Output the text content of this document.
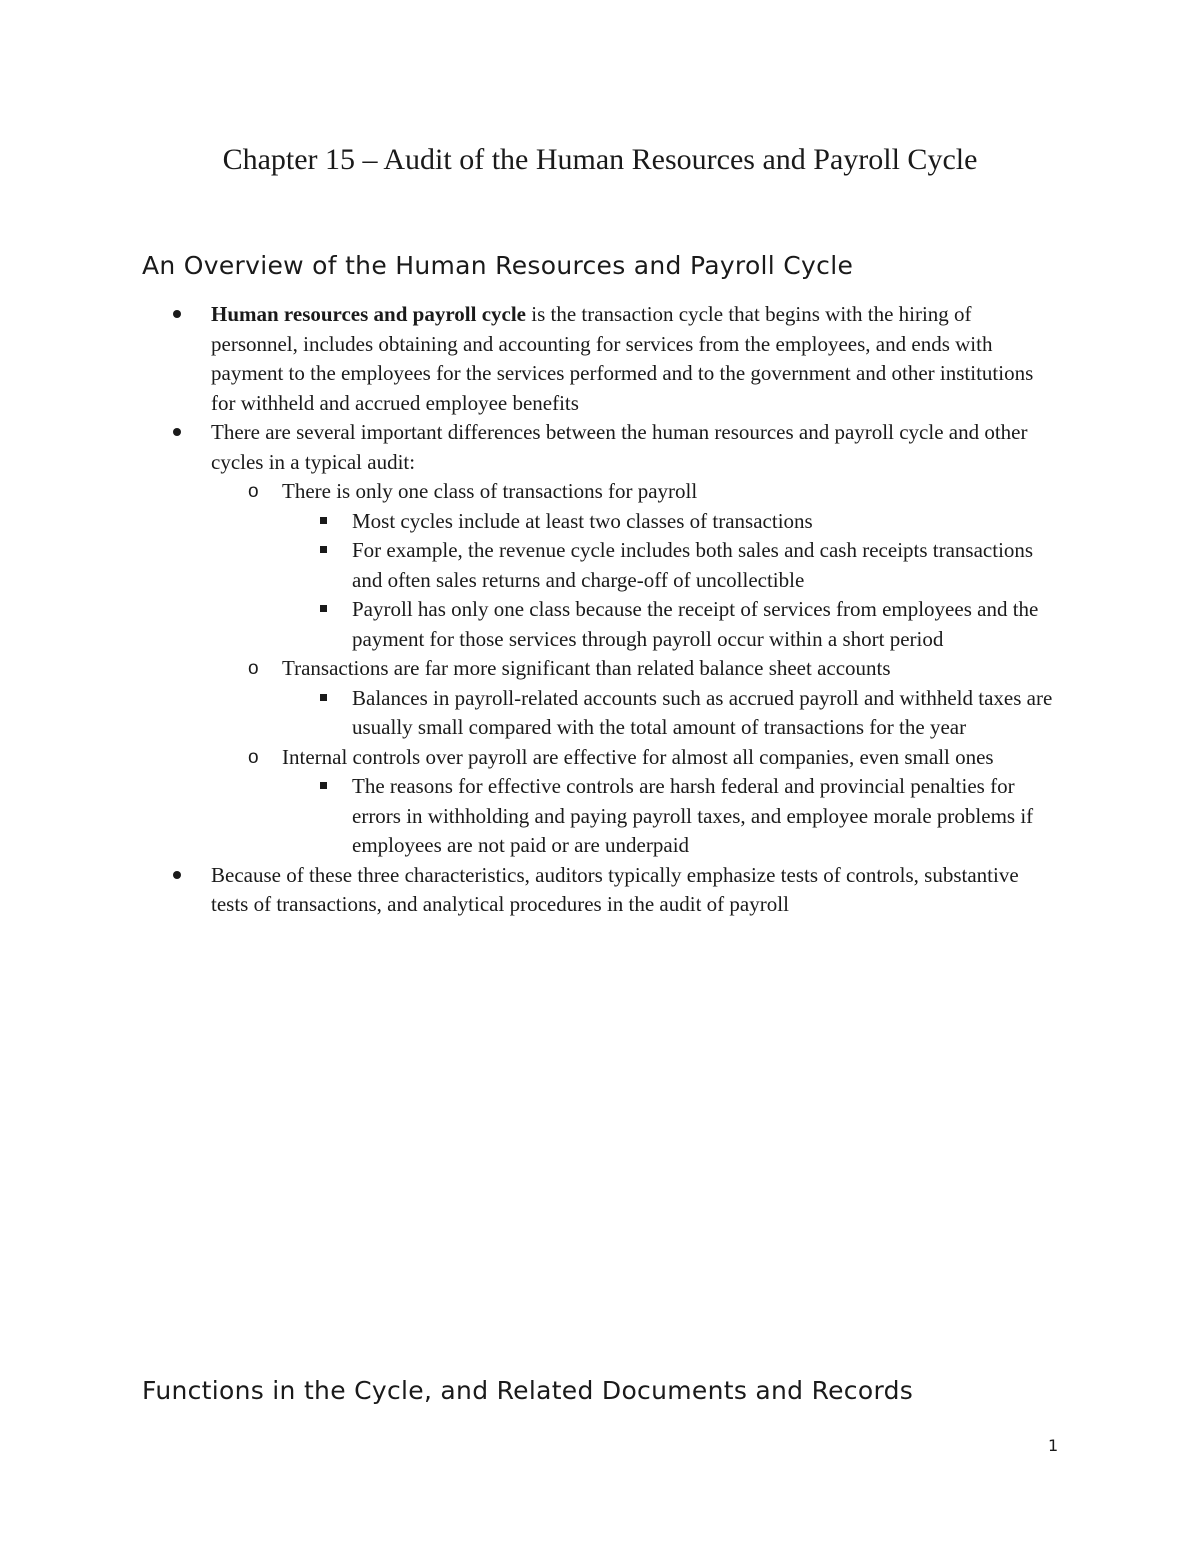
Chapter 15 – Audit of the Human Resources and Payroll Cycle
An Overview of the Human Resources and Payroll Cycle
Human resources and payroll cycle is the transaction cycle that begins with the hiring of personnel, includes obtaining and accounting for services from the employees, and ends with payment to the employees for the services performed and to the government and other institutions for withheld and accrued employee benefits
There are several important differences between the human resources and payroll cycle and other cycles in a typical audit:
o There is only one class of transactions for payroll
Most cycles include at least two classes of transactions
For example, the revenue cycle includes both sales and cash receipts transactions and often sales returns and charge-off of uncollectible
Payroll has only one class because the receipt of services from employees and the payment for those services through payroll occur within a short period
o Transactions are far more significant than related balance sheet accounts
Balances in payroll-related accounts such as accrued payroll and withheld taxes are usually small compared with the total amount of transactions for the year
o Internal controls over payroll are effective for almost all companies, even small ones
The reasons for effective controls are harsh federal and provincial penalties for errors in withholding and paying payroll taxes, and employee morale problems if employees are not paid or are underpaid
Because of these three characteristics, auditors typically emphasize tests of controls, substantive tests of transactions, and analytical procedures in the audit of payroll
Functions in the Cycle, and Related Documents and Records
1
